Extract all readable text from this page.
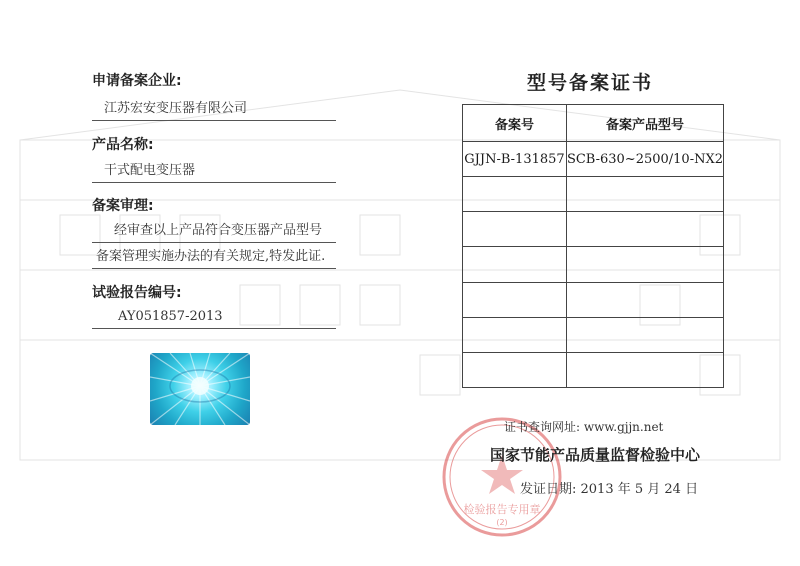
申请备案企业:
江苏宏安变压器有限公司
产品名称:
干式配电变压器
备案审理:
经审查以上产品符合变压器产品型号
备案管理实施办法的有关规定,特发此证.
试验报告编号:
AY051857-2013
型号备案证书
备案号	备案产品型号
GJJN-B-131857	SCB-630~2500/10-NX2

检验报告专用章
(2)
证书查询网址: www.gjjn.net
国家节能产品质量监督检验中心
发证日期: 2013 年 5 月 24 日
